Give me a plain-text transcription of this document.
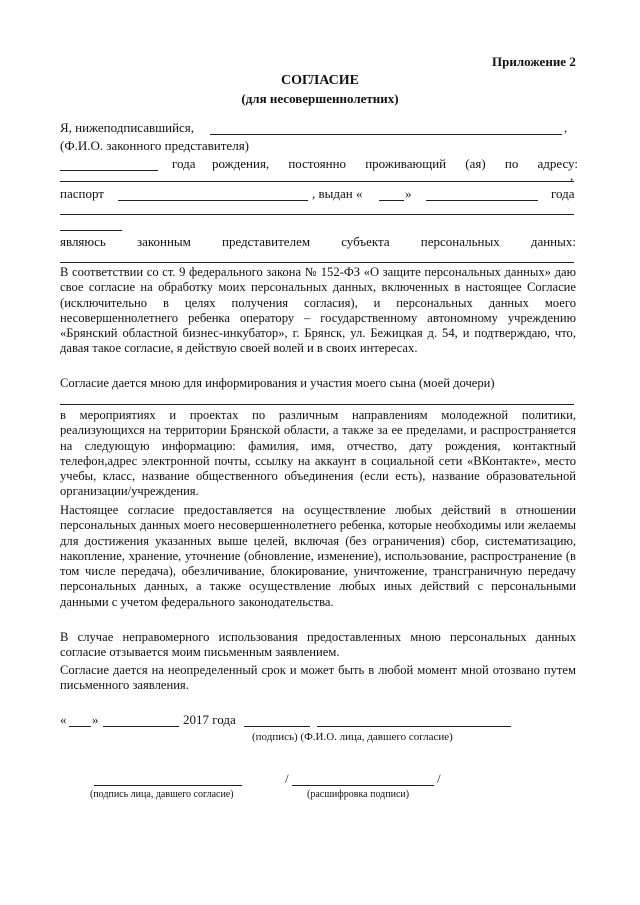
Приложение 2
СОГЛАСИЕ
(для несовершеннолетних)
Я, нижеподписавшийся,	,
(Ф.И.О. законного представителя)
года рождения, постоянно проживающий (ая) по адресу:
,
паспорт	, выдан «	»	года
являюсь законным представителем субъекта персональных данных:

В соответствии со ст. 9 федерального закона № 152-ФЗ «О защите персональных данных» даю свое согласие на обработку моих персональных данных, включенных в настоящее Согласие (исключительно в целях получения согласия), и персональных данных моего несовершеннолетнего ребенка оператору – государственному автономному учреждению «Брянский областной бизнес-инкубатор», г. Брянск, ул. Бежицкая д. 54, и подтверждаю, что, давая такое согласие, я действую своей волей и в своих интересах.

Согласие дается мною для информирования и участия моего сына (моей дочери)

в мероприятиях и проектах по различным направлениям молодежной политики, реализующихся на территории Брянской области, а также за ее пределами, и распространяется на следующую информацию: фамилия, имя, отчество, дату рождения, контактный телефон,адрес электронной почты, ссылку на аккаунт в социальной сети «ВКонтакте», место учебы, класс, название общественного объединения (если есть), название образовательной организации/учреждения.

Настоящее согласие предоставляется на осуществление любых действий в отношении персональных данных моего несовершеннолетнего ребенка, которые необходимы или желаемы для достижения указанных выше целей, включая (без ограничения) сбор, систематизацию, накопление, хранение, уточнение (обновление, изменение), использование, распространение (в том числе передача), обезличивание, блокирование, уничтожение, трансграничную передачу персональных данных, а также осуществление любых иных действий с персональными данными с учетом федерального законодательства.

В случае неправомерного использования предоставленных мною персональных данных согласие отзывается моим письменным заявлением.

Согласие дается на неопределенный срок и может быть в любой момент мной отозвано путем письменного заявления.

« »	2017 года
(подпись) (Ф.И.О. лица, давшего согласие)
(подпись лица, давшего согласие)
/	/
(расшифровка подписи)
